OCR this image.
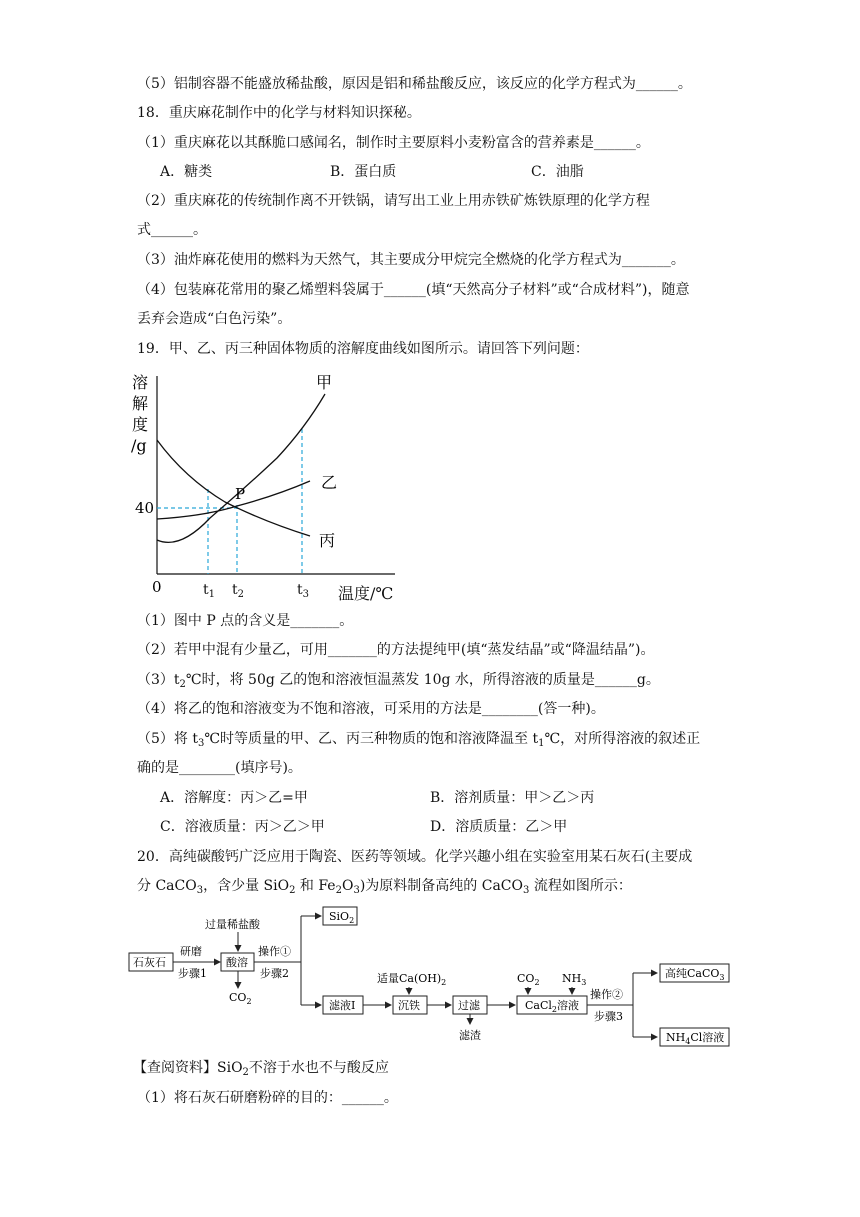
（5）铝制容器不能盛放稀盐酸，原因是铝和稀盐酸反应，该反应的化学方程式为______。
18．重庆麻花制作中的化学与材料知识探秘。
（1）重庆麻花以其酥脆口感闻名，制作时主要原料小麦粉富含的营养素是______。
A．糖类	B．蛋白质	C．油脂
（2）重庆麻花的传统制作离不开铁锅，请写出工业上用赤铁矿炼铁原理的化学方程
式______。
（3）油炸麻花使用的燃料为天然气，其主要成分甲烷完全燃烧的化学方程式为_______。
（4）包装麻花常用的聚乙烯塑料袋属于______(填“天然高分子材料”或“合成材料”)，随意
丢弃会造成“白色污染”。
19．甲、乙、丙三种固体物质的溶解度曲线如图所示。请回答下列问题：
溶
解
度
/g
40
0
P
甲
乙
丙
$t_1$ $t_2$	$t_3$ 温度/℃
（1）图中 P 点的含义是_______。
（2）若甲中混有少量乙，可用_______的方法提纯甲(填“蒸发结晶”或“降温结晶”)。
$(3)t_2℃$时，将 50g 乙的饱和溶液恒温蒸发 10g 水，所得溶液的质量是______g。
（4）将乙的饱和溶液变为不饱和溶液，可采用的方法是________(答一种)。
（5）将 $t_3℃$时等质量的甲、乙、丙三种物质的饱和溶液降温至 $t_1℃$，对所得溶液的叙述正
确的是________(填序号)。
A．溶解度：丙＞乙=甲	B．溶剂质量：甲＞乙＞丙
C．溶液质量：丙＞乙＞甲	D．溶质质量：乙＞甲
20．高纯碳酸钙广泛应用于陶瓷、医药等领域。化学兴趣小组在实验室用某石灰石(主要成
分 CaCO$_3$，含少量 SiO$_2$ 和 $Fe_2O_3$)为原料制备高纯的 CaCO$_3$ 流程如图所示：
石灰石
研磨
步骤1
过量稀盐酸
酸溶
$CO_2$
操作①
步骤2
SiO$_2$
滤液I
适量$Ca(OH)_2$
沉铁	过滤
滤渣
$CO_2$ $NH_3$
CaCl$_2$溶液
操作②
步骤3
高纯CaCO$_3$
$NH_4Cl$溶液
【查阅资料】SiO$_2$不溶于水也不与酸反应
（1）将石灰石研磨粉碎的目的：______。
